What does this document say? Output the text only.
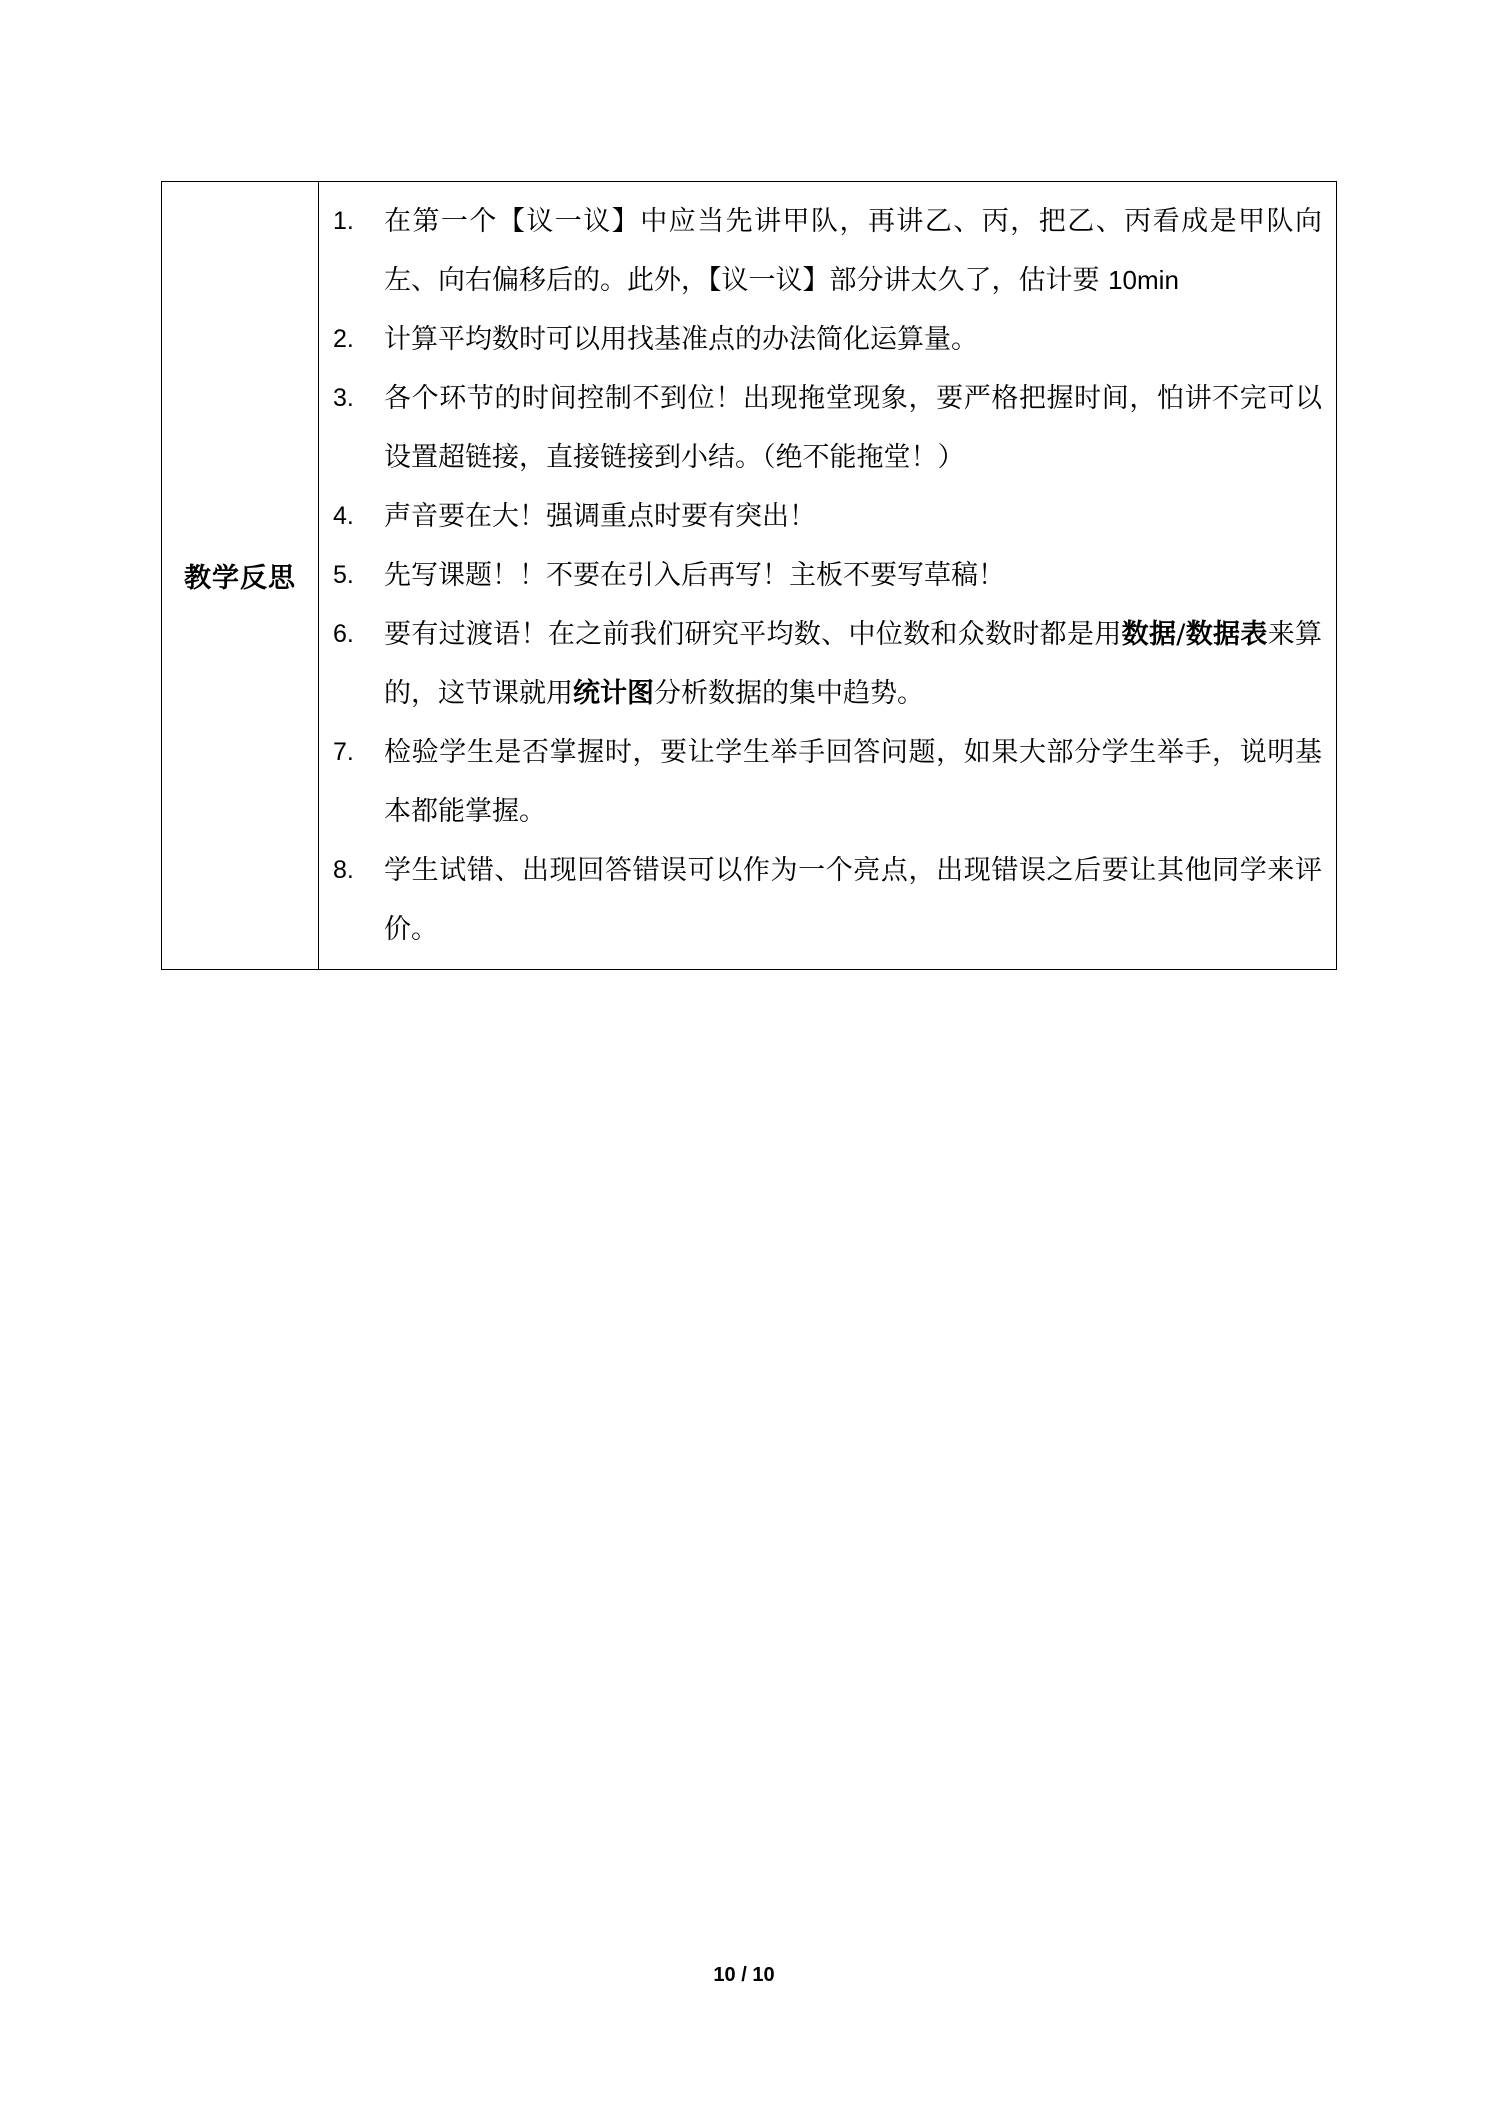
教学反思	
1. 在第一个【议一议】中应当先讲甲队，再讲乙、丙，把乙、丙看成是甲队向左、向右偏移后的。此外，【议一议】部分讲太久了，估计要 10min
2. 计算平均数时可以用找基准点的办法简化运算量。
3. 各个环节的时间控制不到位！出现拖堂现象，要严格把握时间，怕讲不完可以设置超链接，直接链接到小结。（绝不能拖堂！）
4. 声音要在大！强调重点时要有突出！
5. 先写课题！！不要在引入后再写！主板不要写草稿！
6. 要有过渡语！在之前我们研究平均数、中位数和众数时都是用数据/数据表来算的，这节课就用统计图分析数据的集中趋势。
7. 检验学生是否掌握时，要让学生举手回答问题，如果大部分学生举手，说明基本都能掌握。
8. 学生试错、出现回答错误可以作为一个亮点，出现错误之后要让其他同学来评价。
10 / 10
